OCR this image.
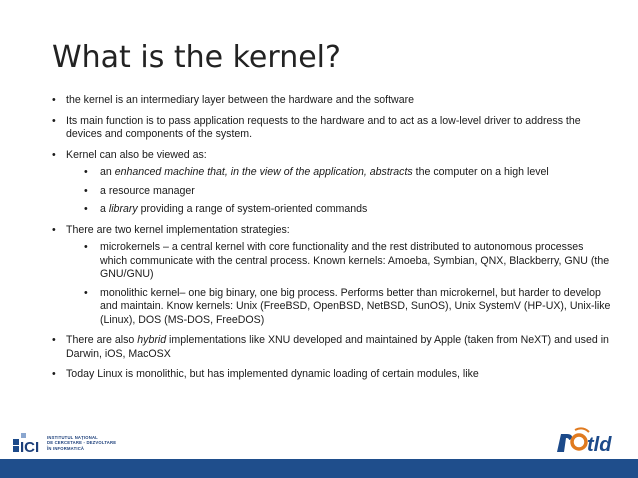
What is the kernel?
• the kernel is an intermediary layer between the hardware and the software
• Its main function is to pass application requests to the hardware and to act as a low-level driver to address the devices and components of the system.
• Kernel can also be viewed as:
• an enhanced machine that, in the view of the application, abstracts the computer on a high level
• a resource manager
• a library providing a range of system-oriented commands
• There are two kernel implementation strategies:
• microkernels – a central kernel with core functionality and the rest distributed to autonomous processes which communicate with the central process. Known kernels: Amoeba, Symbian, QNX, Blackberry, GNU (the GNU/GNU)
• monolithic kernel– one big binary, one big process. Performs better than microkernel, but harder to develop and maintain. Know kernels: Unix (FreeBSD, OpenBSD, NetBSD, SunOS), Unix SystemV (HP-UX), Unix-like (Linux), DOS (MS-DOS, FreeDOS)
• There are also hybrid implementations like XNU developed and maintained by Apple (taken from NeXT) and used in Darwin, iOS, MacOSX
• Today Linux is monolithic, but has implemented dynamic loading of certain modules, like
ICI
INSTITUTUL NAȚIONAL
DE CERCETARE - DEZVOLTARE
ÎN INFORMATICĂ	tld
